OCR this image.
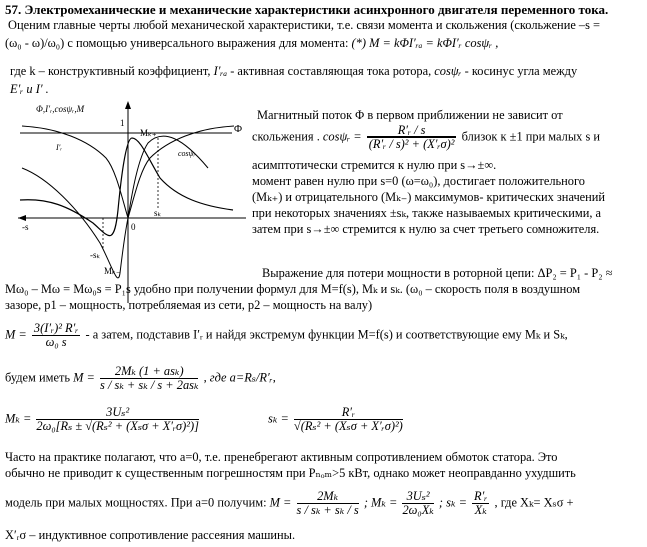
57. Электромеханические и механические характеристики асинхронного двигателя переменного тока.
Оценим главные черты любой механической характеристики, т.е. связи момента и скольжения (скольжение –s =
(ω₀ - ω)/ω₀) с помощью универсального выражения для момента: (*) M = kΦI′ᵣₐ = kΦI′ᵣ cosψᵣ ,
где k – конструктивный коэффициент, I′ᵣₐ - активная составляющая тока ротора, cosψᵣ - косинус угла между
E′ᵣ и I′ .
Φ,I′ᵣ,cosψᵣ,M
Φ
Mₖ₊
sₖ
-sₖ
Mₖ₋
-s	0
1
cosψᵣ
I′ᵣ
Магнитный поток Φ в первом приближении не зависит от
скольжения . cosψᵣ = $\frac{\text{R′ᵣ / s}}{\text{(R′ᵣ / s)² + (X′ᵣσ)²}}$ близок к ±1 при малых s и
асимптотически стремится к нулю при s→±∞.
момент равен нулю при s=0 (ω=ω₀), достигает положительного
(Mₖ₊) и отрицательного (Mₖ₋) максимумов- критических значений
при некоторых значениях ±sₖ, также называемых критическими, а
затем при s→±∞ стремится к нулю за счет третьего сомножителя.
Выражение для потери мощности в роторной цепи: ΔP₂ = P₁ - P₂ ≈
Mω₀ – Mω = Mω₀s = P₁s удобно при получении формул для M=f(s), Mₖ и sₖ. (ω₀ – скорость поля в воздушном
зазоре, p1 – мощность, потребляемая из сети, p2 – мощность на валу)
$M = \frac{\text{3(I′ᵣ)² R′ᵣ}}{\text{ω₀ s}} - а$ затем, подставив I′ᵣ и найдя экстремум функции M=f(s) и соответствующие ему Mₖ и Sₖ,
будем иметь $M = \frac{\text{2Mₖ (1 + asₖ)}}{\text{s / sₖ + sₖ / s + 2asₖ}}$ , где a=Rₛ/R′ᵣ,
$M_k = \frac{\text{3Uₛ²}}{\text{2ω₀[Rₛ ± √(Rₛ² + (Xₛσ + X′ᵣσ)²)]}}$	$s_k = \frac{\text{R′ᵣ}}{\text{√(Rₛ² + (Xₛσ + X′ᵣσ)²)}}$
Часто на практике полагают, что a=0, т.е. пренебрегают активным сопротивлением обмоток статора. Это
обычно не приводит к существенным погрешностям при Pₙₒₘ>5 кВт, однако может неоправданно ухудшить
модель при малых мощностях. При a=0 получим: $M = \frac{\text{2Mₖ}}{\text{s / sₖ + sₖ / s}}$ ; $M_k = \frac{\text{3Uₛ²}}{\text{2ω₀Xₖ}}$ ; $s_k = \frac{\text{R′ᵣ}}{\text{Xₖ}}$ , где Xₖ= Xₛσ +
X′ᵣσ – индуктивное сопротивление рассеяния машины.
